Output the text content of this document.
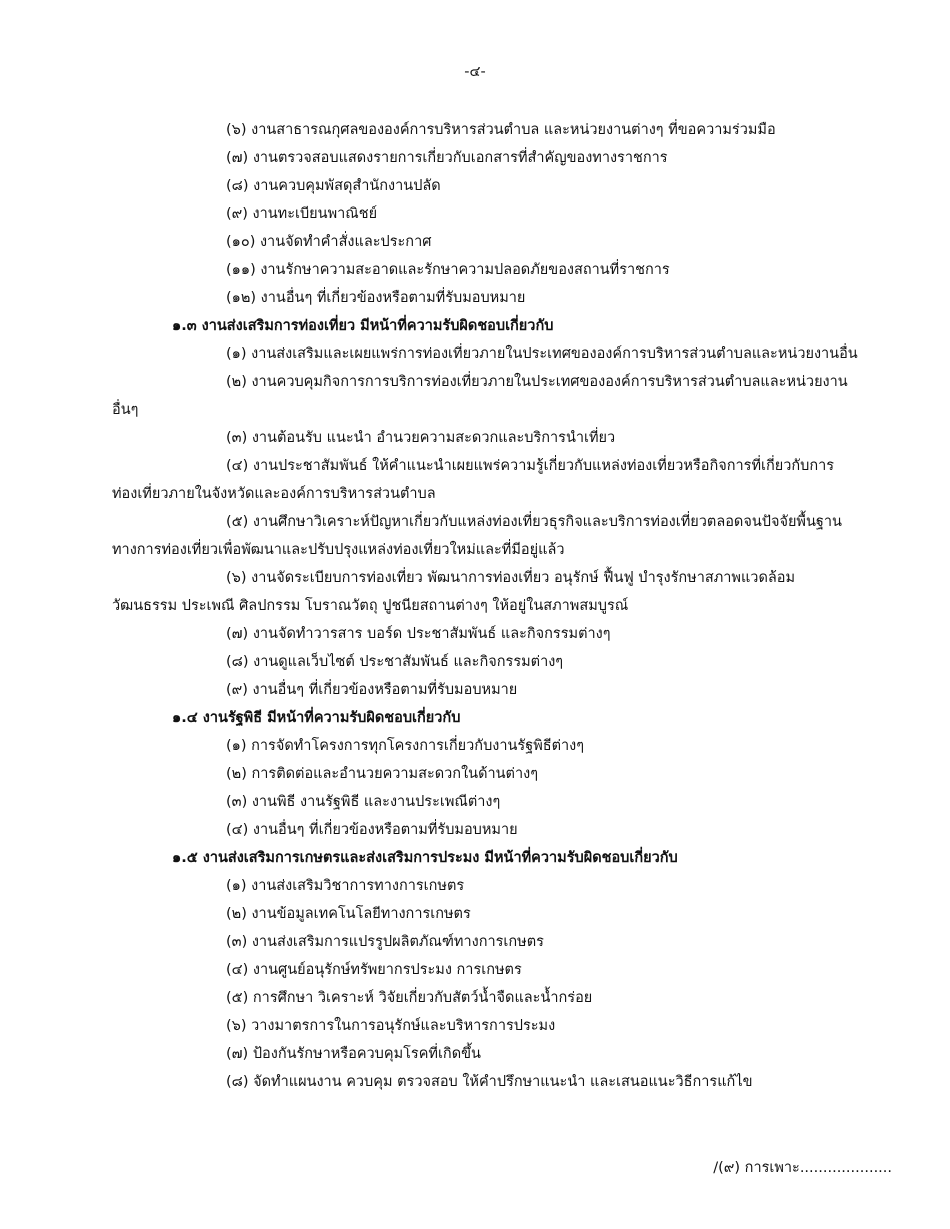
-๔-
(๖) งานสาธารณกุศลขององค์การบริหารส่วนตำบล และหน่วยงานต่างๆ ที่ขอความร่วมมือ
(๗) งานตรวจสอบแสดงรายการเกี่ยวกับเอกสารที่สำคัญของทางราชการ
(๘) งานควบคุมพัสดุสำนักงานปลัด
(๙) งานทะเบียนพาณิชย์
(๑๐) งานจัดทำคำสั่งและประกาศ
(๑๑) งานรักษาความสะอาดและรักษาความปลอดภัยของสถานที่ราชการ
(๑๒) งานอื่นๆ ที่เกี่ยวข้องหรือตามที่รับมอบหมาย
๑.๓ งานส่งเสริมการท่องเที่ยว มีหน้าที่ความรับผิดชอบเกี่ยวกับ
(๑) งานส่งเสริมและเผยแพร่การท่องเที่ยวภายในประเทศขององค์การบริหารส่วนตำบลและหน่วยงานอื่น
(๒) งานควบคุมกิจการการบริการท่องเที่ยวภายในประเทศขององค์การบริหารส่วนตำบลและหน่วยงาน
อื่นๆ
(๓) งานต้อนรับ แนะนำ อำนวยความสะดวกและบริการนำเที่ยว
(๔) งานประชาสัมพันธ์ ให้คำแนะนำเผยแพร่ความรู้เกี่ยวกับแหล่งท่องเที่ยวหรือกิจการที่เกี่ยวกับการ
ท่องเที่ยวภายในจังหวัดและองค์การบริหารส่วนตำบล
(๕) งานศึกษาวิเคราะห์ปัญหาเกี่ยวกับแหล่งท่องเที่ยวธุรกิจและบริการท่องเที่ยวตลอดจนปัจจัยพื้นฐาน
ทางการท่องเที่ยวเพื่อพัฒนาและปรับปรุงแหล่งท่องเที่ยวใหม่และที่มีอยู่แล้ว
(๖) งานจัดระเบียบการท่องเที่ยว พัฒนาการท่องเที่ยว อนุรักษ์ ฟื้นฟู บำรุงรักษาสภาพแวดล้อม
วัฒนธรรม ประเพณี ศิลปกรรม โบราณวัตถุ ปูชนียสถานต่างๆ ให้อยู่ในสภาพสมบูรณ์
(๗) งานจัดทำวารสาร บอร์ด ประชาสัมพันธ์ และกิจกรรมต่างๆ
(๘) งานดูแลเว็บไซต์ ประชาสัมพันธ์ และกิจกรรมต่างๆ
(๙) งานอื่นๆ ที่เกี่ยวข้องหรือตามที่รับมอบหมาย
๑.๔ งานรัฐพิธี มีหน้าที่ความรับผิดชอบเกี่ยวกับ
(๑) การจัดทำโครงการทุกโครงการเกี่ยวกับงานรัฐพิธีต่างๆ
(๒) การติดต่อและอำนวยความสะดวกในด้านต่างๆ
(๓) งานพิธี งานรัฐพิธี และงานประเพณีต่างๆ
(๔) งานอื่นๆ ที่เกี่ยวข้องหรือตามที่รับมอบหมาย
๑.๕ งานส่งเสริมการเกษตรและส่งเสริมการประมง มีหน้าที่ความรับผิดชอบเกี่ยวกับ
(๑) งานส่งเสริมวิชาการทางการเกษตร
(๒) งานข้อมูลเทคโนโลยีทางการเกษตร
(๓) งานส่งเสริมการแปรรูปผลิตภัณฑ์ทางการเกษตร
(๔) งานศูนย์อนุรักษ์ทรัพยากรประมง การเกษตร
(๕) การศึกษา วิเคราะห์ วิจัยเกี่ยวกับสัตว์น้ำจืดและน้ำกร่อย
(๖) วางมาตรการในการอนุรักษ์และบริหารการประมง
(๗) ป้องกันรักษาหรือควบคุมโรคที่เกิดขึ้น
(๘) จัดทำแผนงาน ควบคุม ตรวจสอบ ให้คำปรึกษาแนะนำ และเสนอแนะวิธีการแก้ไข
/(๙) การเพาะ....................
